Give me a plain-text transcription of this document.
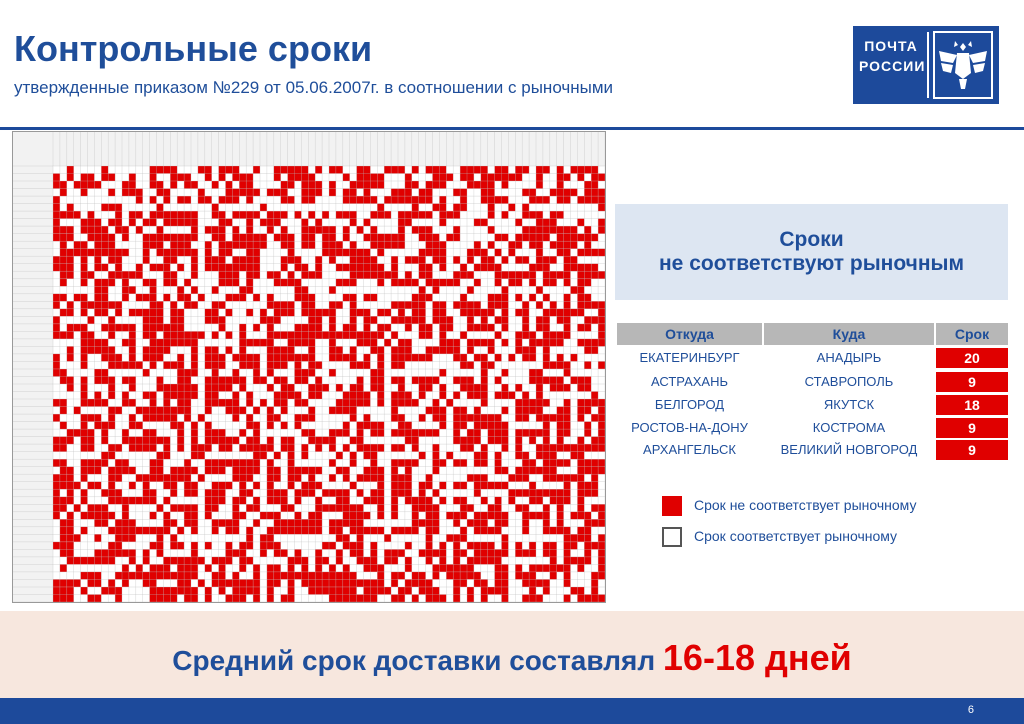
Контрольные сроки
утвержденные приказом №229 от 05.06.2007г. в соотношении с рыночными
ПОЧТА
РОССИИ
Сроки
не соответствуют рыночным
Откуда	Куда	Срок
ЕКАТЕРИНБУРГ	АНАДЫРЬ	20
АСТРАХАНЬ	СТАВРОПОЛЬ	9
БЕЛГОРОД	ЯКУТСК	18
РОСТОВ-НА-ДОНУ	КОСТРОМА	9
АРХАНГЕЛЬСК	ВЕЛИКИЙ НОВГОРОД	9
Срок не соответствует рыночному
Срок соответствует рыночному
Средний срок доставки составлял 16-18 дней
6
